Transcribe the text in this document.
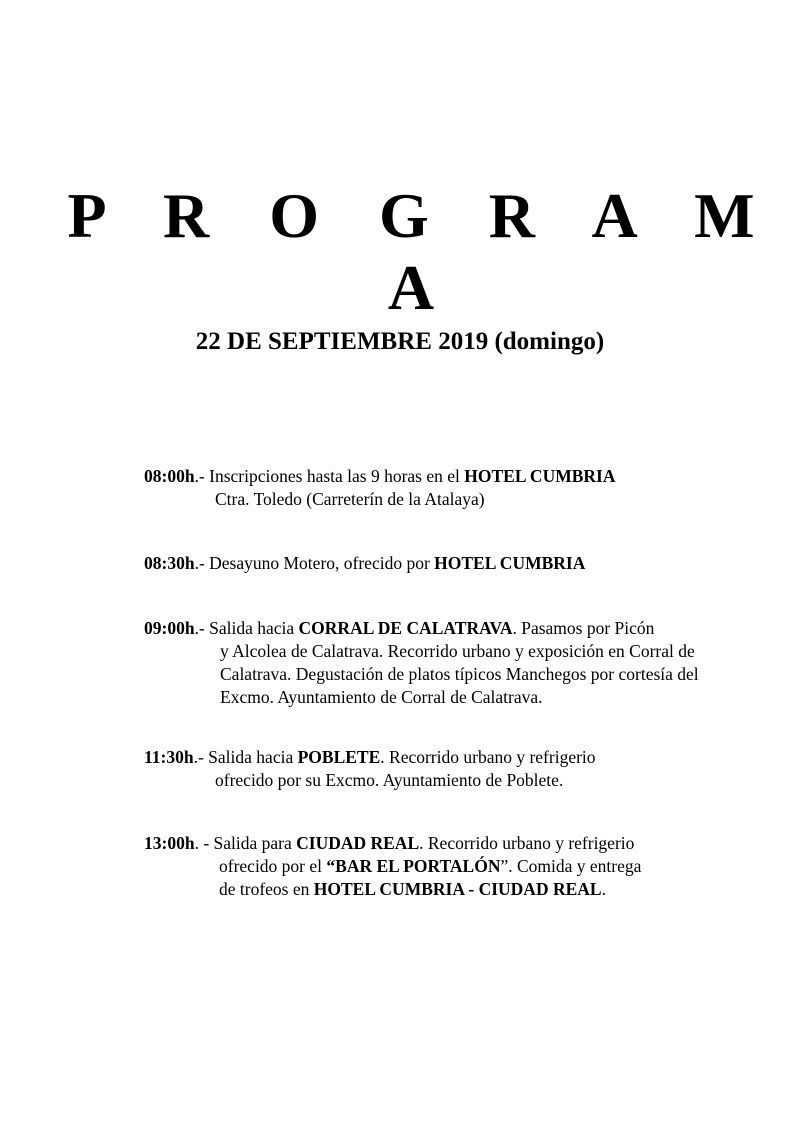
P R O G R A M A
22 DE SEPTIEMBRE 2019 (domingo)
08:00h.- Inscripciones hasta las 9 horas en el HOTEL CUMBRIA
Ctra. Toledo (Carreterín de la Atalaya)
08:30h.- Desayuno Motero, ofrecido por HOTEL CUMBRIA
09:00h.- Salida hacia CORRAL DE CALATRAVA. Pasamos por Picón
y Alcolea de Calatrava. Recorrido urbano y exposición en Corral de
Calatrava. Degustación de platos típicos Manchegos por cortesía del
Excmo. Ayuntamiento de Corral de Calatrava.
11:30h.- Salida hacia POBLETE. Recorrido urbano y refrigerio
ofrecido por su Excmo. Ayuntamiento de Poblete.
13:00h. - Salida para CIUDAD REAL. Recorrido urbano y refrigerio
ofrecido por el “BAR EL PORTALÓN”. Comida y entrega
de trofeos en HOTEL CUMBRIA - CIUDAD REAL.
